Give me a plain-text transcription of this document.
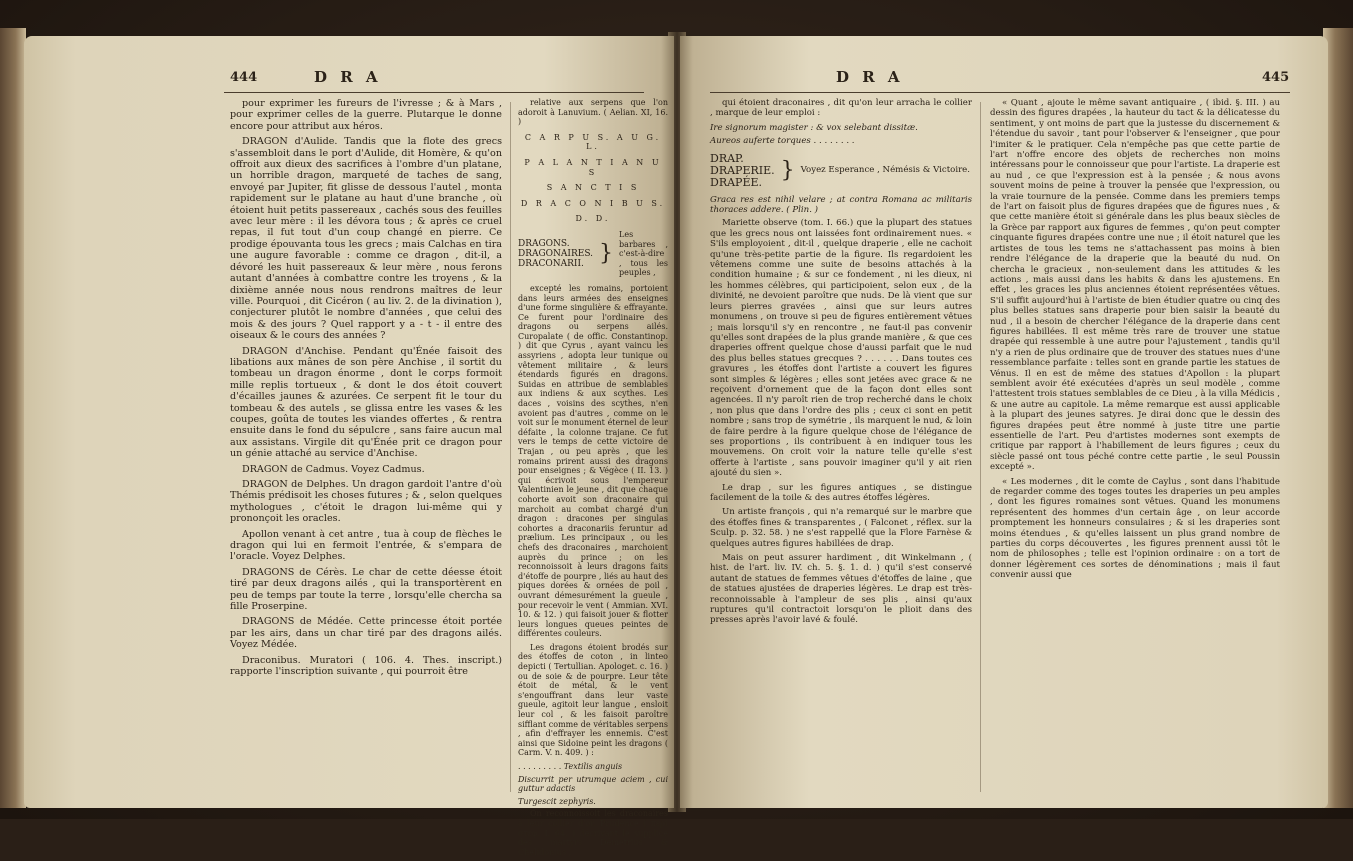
444	D R A

pour exprimer les fureurs de l'ivresse ; & à Mars , pour exprimer celles de la guerre. Plutarque le donne encore pour attribut aux héros.

DRAGON d'Aulide. Tandis que la flote des grecs s'assembloit dans le port d'Aulide, dit Homère, & qu'on offroit aux dieux des sacrifices à l'ombre d'un platane, un horrible dragon, marqueté de taches de sang, envoyé par Jupiter, fit glisse de dessous l'autel , monta rapidement sur le platane au haut d'une branche , où étoient huit petits passereaux , cachés sous des feuilles avec leur mère : il les dévora tous ; & après ce cruel repas, il fut tout d'un coup changé en pierre. Ce prodige épouvanta tous les grecs ; mais Calchas en tira une augure favorable : comme ce dragon , dit-il, a dévoré les huit passereaux & leur mère , nous ferons autant d'années à combattre contre les troyens , & la dixième année nous nous rendrons maîtres de leur ville. Pourquoi , dit Cicéron ( au liv. 2. de la divination ), conjecturer plutôt le nombre d'années , que celui des mois & des jours ? Quel rapport y a - t - il entre des oiseaux & le cours des années ?

DRAGON d'Anchise. Pendant qu'Énée faisoit des libations aux mânes de son père Anchise , il sortit du tombeau un dragon énorme , dont le corps formoit mille replis tortueux , & dont le dos étoit couvert d'écailles jaunes & azurées. Ce serpent fit le tour du tombeau & des autels , se glissa entre les vases & les coupes, goûta de toutes les viandes offertes , & rentra ensuite dans le fond du sépulcre , sans faire aucun mal aux assistans. Virgile dit qu'Énée prit ce dragon pour un génie attaché au service d'Anchise.

DRAGON de Cadmus. Voyez Cadmus.

DRAGON de Delphes. Un dragon gardoit l'antre d'où Thémis prédisoit les choses futures ; & , selon quelques mythologues , c'étoit le dragon lui-même qui y prononçoit les oracles.

Apollon venant à cet antre , tua à coup de flèches le dragon qui lui en fermoit l'entrée, & s'empara de l'oracle. Voyez Delphes.

DRAGONS de Cérès. Le char de cette déesse étoit tiré par deux dragons ailés , qui la transportèrent en peu de temps par toute la terre , lorsqu'elle chercha sa fille Proserpine.

DRAGONS de Médée. Cette princesse étoit portée par les airs, dans un char tiré par des dragons ailés. Voyez Médée.

Draconibus. Muratori ( 106. 4. Thes. inscript.) rapporte l'inscription suivante , qui pourroit être

relative aux serpens que l'on adoroit à Lanuvium. ( Aelian. XI, 16. )

C A R P U S. A U G. L.
P A L A N T I A N U S
S A N C T I S
D R A C O N I B U S.
D. D.
DRAGONS.
DRAGONAIRES.
DRACONARII. }
Les barbares , c'est-à-dire , tous les peuples ,

excepté les romains, portoient dans leurs armées des enseignes d'une forme singulière & effrayante. Ce furent pour l'ordinaire des dragons ou serpens ailés. Curopalate ( de offic. Constantinop. ) dit que Cyrus , ayant vaincu les assyriens , adopta leur tunique ou vêtement militaire , & leurs étendards figurés en dragons. Suidas en attribue de semblables aux indiens & aux scythes. Les daces , voisins des scythes, n'en avoient pas d'autres , comme on le voit sur le monument éternel de leur défaite , la colonne trajane. Ce fut vers le temps de cette victoire de Trajan , ou peu après , que les romains prirent aussi des dragons pour enseignes ; & Végèce ( II. 13. ) qui écrivoit sous l'empereur Valentinien le jeune , dit que chaque cohorte avoit son draconaire qui marchoit au combat chargé d'un dragon : dracones per singulas cohortes a draconariis feruntur ad prælium. Les principaux , ou les chefs des draconaires , marchoient auprès du prince ; on les reconnoissoit à leurs dragons faits d'étoffe de pourpre , liés au haut des piques dorées & ornées de poil , ouvrant démesurément la gueule , pour recevoir le vent ( Ammian. XVI. 10. & 12. ) qui faisoit jouer & flotter leurs longues queues peintes de différentes couleurs.

Les dragons étoient brodés sur des étoffes de coton , in linteo depicti ( Tertullian. Apologet. c. 16. ) ou de soie & de pourpre. Leur tête étoit de métal, & le vent s'engouffrant dans leur vaste gueule, agitoit leur langue , ensloit leur col , & les faisoit paroître sifflant comme de véritables serpens , afin d'effrayer les ennemis. C'est ainsi que Sidoine peint les dragons ( Carm. V. n. 409. ) :

. . . . . . . . . Textilis anguis
Discurrit per utrumque aciem , cui guttur adactis
Turgescit zephyris.

On reconnoissoit les draconaires à leur collier d'or. Prudence ( περὶ στεφ. I. 64. ) décrivant le supplice des martyrs Démétrius & Chelidonius ,

D R A	445

qui étoient draconaires , dit qu'on leur arracha le collier , marque de leur emploi :

Ire signorum magister : & vox selebant dissitæ.
Aureos auferte torques . . . . . . . .
DRAP.
DRAPERIE.
DRAPÉE. } Voyez Esperance , Némésis & Victoire.
Graca res est nihil velare ; at contra Romana ac militaris thoraces addere. ( Plin. )

Mariette observe (tom. I. 66.) que la plupart des statues que les grecs nous ont laissées font ordinairement nues. « S'ils employoient , dit-il , quelque draperie , elle ne cachoit qu'une très-petite partie de la figure. Ils regardoient les vêtemens comme une suite de besoins attachés à la condition humaine ; & sur ce fondement , ni les dieux, ni les hommes célèbres, qui participoient, selon eux , de la divinité, ne devoient paroître que nuds. De là vient que sur leurs pierres gravées , ainsi que sur leurs autres monumens , on trouve si peu de figures entièrement vêtues ; mais lorsqu'il s'y en rencontre , ne faut-il pas convenir qu'elles sont drapées de la plus grande manière , & que ces draperies offrent quelque chose d'aussi parfait que le nud des plus belles statues grecques ? . . . . . . Dans toutes ces gravures , les étoffes dont l'artiste a couvert les figures sont simples & légères ; elles sont jetées avec grace & ne reçoivent d'ornement que de la façon dont elles sont agencées. Il n'y paroît rien de trop recherché dans le choix , non plus que dans l'ordre des plis ; ceux ci sont en petit nombre ; sans trop de symétrie , ils marquent le nud, & loin de faire perdre à la figure quelque chose de l'élégance de ses proportions , ils contribuent à en indiquer tous les mouvemens. On croit voir la nature telle qu'elle s'est offerte à l'artiste , sans pouvoir imaginer qu'il y ait rien ajouté du sien ».

Le drap , sur les figures antiques , se distingue facilement de la toile & des autres étoffes légères.

Un artiste françois , qui n'a remarqué sur le marbre que des étoffes fines & transparentes , ( Falconet , réflex. sur la Sculp. p. 32. 58. ) ne s'est rappellé que la Flore Farnèse & quelques autres figures habillées de drap.

Mais on peut assurer hardiment , dit Winkelmann , ( hist. de l'art. liv. IV. ch. 5. §. 1. d. ) qu'il s'est conservé autant de statues de femmes vêtues d'étoffes de laine , que de statues ajustées de draperies légères. Le drap est très-reconnoissable à l'ampleur de ses plis , ainsi qu'aux ruptures qu'il contractoit lorsqu'on le plioit dans des presses après l'avoir lavé & foulé.

« Quant , ajoute le même savant antiquaire , ( ibid. §. III. ) au dessin des figures drapées , la hauteur du tact & la délicatesse du sentiment, y ont moins de part que la justesse du discernement & l'étendue du savoir , tant pour l'observer & l'enseigner , que pour l'imiter & le pratiquer. Cela n'empêche pas que cette partie de l'art n'offre encore des objets de recherches non moins intéressans pour le connoisseur que pour l'artiste. La draperie est au nud , ce que l'expression est à la pensée ; & nous avons souvent moins de peine à trouver la pensée que l'expression, ou la vraie tournure de la pensée. Comme dans les premiers temps de l'art on faisoit plus de figures drapées que de figures nues , & que cette manière étoit si générale dans les plus beaux siècles de la Grèce par rapport aux figures de femmes , qu'on peut compter cinquante figures drapées contre une nue ; il étoit naturel que les artistes de tous les tems ne s'attachassent pas moins à bien rendre l'élégance de la draperie que la beauté du nud. On chercha le gracieux , non-seulement dans les attitudes & les actions , mais aussi dans les habits & dans les ajustemens. En effet , les graces les plus anciennes étoient représentées vêtues. S'il suffit aujourd'hui à l'artiste de bien étudier quatre ou cinq des plus belles statues sans draperie pour bien saisir la beauté du nud , il a besoin de chercher l'élégance de la draperie dans cent figures habillées. Il est même très rare de trouver une statue drapée qui ressemble à une autre pour l'ajustement , tandis qu'il n'y a rien de plus ordinaire que de trouver des statues nues d'une ressemblance parfaite : telles sont en grande partie les statues de Vénus. Il en est de même des statues d'Apollon : la plupart semblent avoir été exécutées d'après un seul modèle , comme l'attestent trois statues semblables de ce Dieu , à la villa Médicis , & une autre au capitole. La même remarque est aussi applicable à la plupart des jeunes satyres. Je dirai donc que le dessin des figures drapées peut être nommé à juste titre une partie essentielle de l'art. Peu d'artistes modernes sont exempts de critique par rapport à l'habillement de leurs figures ; ceux du siècle passé ont tous péché contre cette partie , le seul Poussin excepté ».

« Les modernes , dit le comte de Caylus , sont dans l'habitude de regarder comme des toges toutes les draperies un peu amples , dont les figures romaines sont vêtues. Quand les monumens représentent des hommes d'un certain âge , on leur accorde promptement les honneurs consulaires ; & si les draperies sont moins étendues , & qu'elles laissent un plus grand nombre de parties du corps découvertes , les figures prennent aussi tôt le nom de philosophes ; telle est l'opinion ordinaire : on a tort de donner légèrement ces sortes de dénominations ; mais il faut convenir aussi que
